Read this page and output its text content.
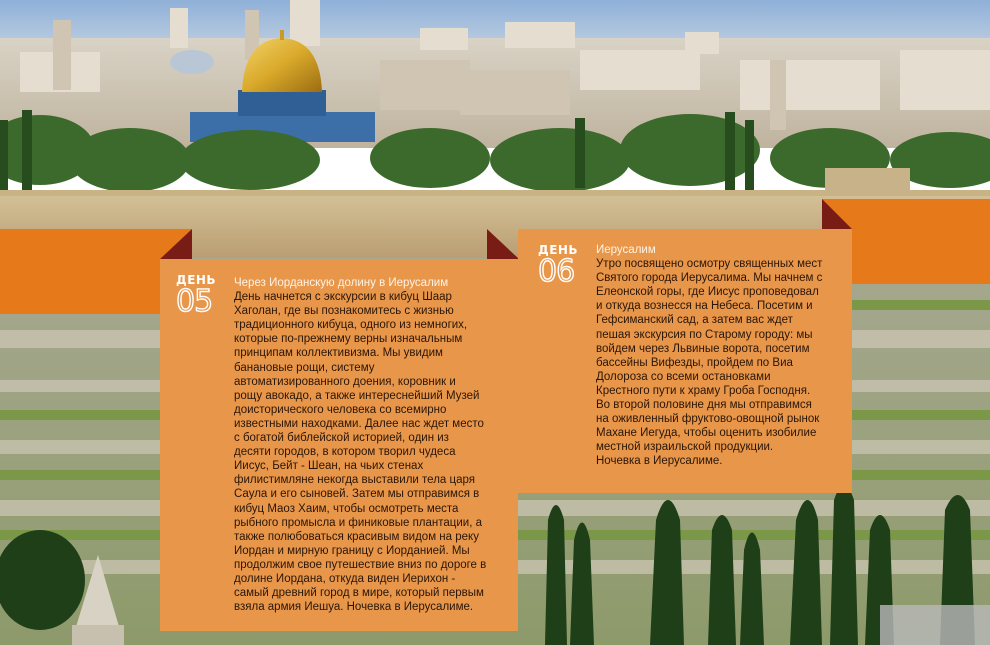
ДЕНЬ
05
Через Иорданскую долину в Иерусалим
День начнется с экскурсии в кибуц Шаар
Хаголан, где вы познакомитесь с жизнью
традиционного кибуца, одного из немногих,
которые по-прежнему верны изначальным
принципам коллективизма. Мы увидим
банановые рощи, систему
автоматизированного доения, коровник и
рощу авокадо, а также интереснейший Музей
доисторического человека со всемирно
известными находками. Далее нас ждет место
с богатой библейской историей, один из
десяти городов, в котором творил чудеса
Иисус, Бейт - Шеан, на чьих стенах
филистимляне некогда выставили тела царя
Саула и его сыновей. Затем мы отправимся в
кибуц Маоз Хаим, чтобы осмотреть места
рыбного промысла и финиковые плантации, а
также полюбоваться красивым видом на реку
Иордан и мирную границу с Иорданией. Мы
продолжим свое путешествие вниз по дороге в
долине Иордана, откуда виден Иерихон -
самый древний город в мире, который первым
взяла армия Иешуа. Ночевка в Иерусалиме.
ДЕНЬ
06
Иерусалим
Утро посвящено осмотру священных мест
Святого города Иерусалима. Мы начнем с
Елеонской горы, где Иисус проповедовал
и откуда вознесся на Небеса. Посетим и
Гефсиманский сад, а затем вас ждет
пешая экскурсия по Старому городу: мы
войдем через Львиные ворота, посетим
бассейны Вифезды, пройдем по Виа
Долороза со всеми остановками
Крестного пути к храму Гроба Господня.
Во второй половине дня мы отправимся
на оживленный фруктово-овощной рынок
Махане Иегуда, чтобы оценить изобилие
местной израильской продукции.
Ночевка в Иерусалиме.
